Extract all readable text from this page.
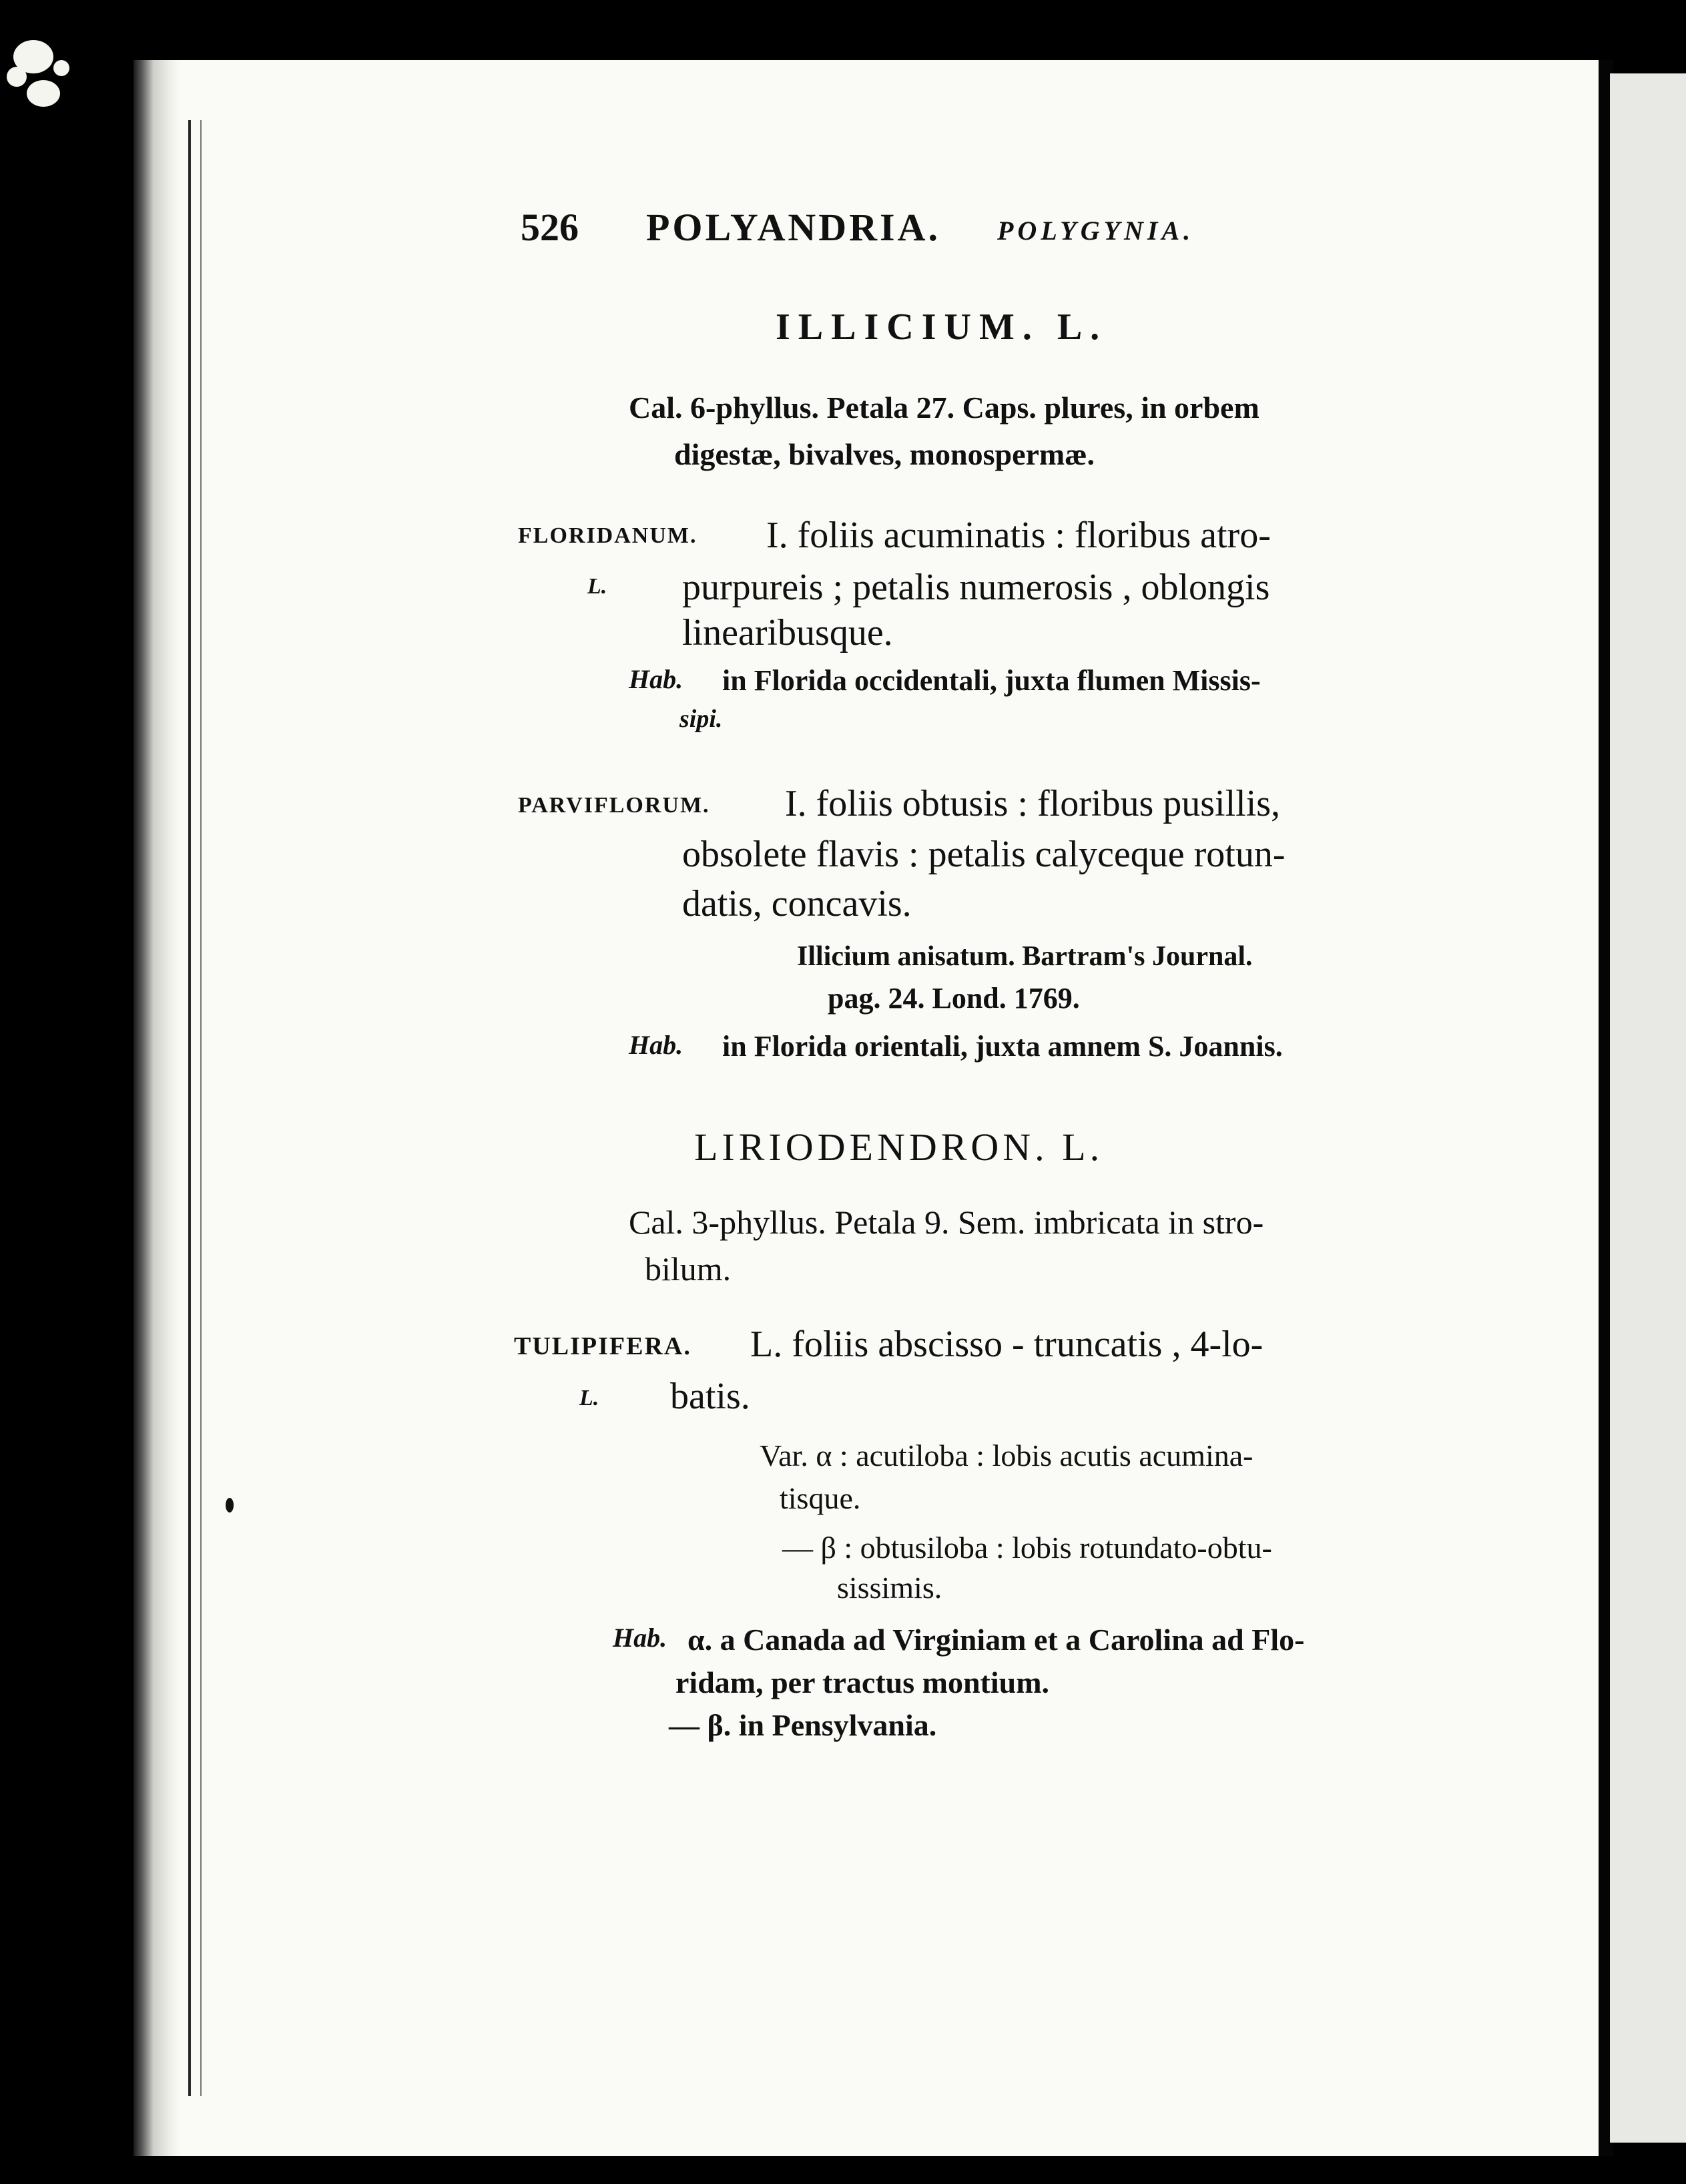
526 POLYANDRIA. POLYGYNIA.
ILLICIUM. L.
Cal. 6-phyllus. Petala 27. Caps. plures, in orbem
digestæ, bivalves, monospermæ.
FLORIDANUM.
L.
I. foliis acuminatis : floribus atro-
purpureis ; petalis numerosis , oblongis
linearibusque.
Hab. in Florida occidentali, juxta flumen Missis-
sipi.
PARVIFLORUM. I. foliis obtusis : floribus pusillis,
obsolete flavis : petalis calyceque rotun-
datis, concavis.
Illicium anisatum. Bartram's Journal.
pag. 24. Lond. 1769.
Hab. in Florida orientali, juxta amnem S. Joannis.
LIRIODENDRON. L.
Cal. 3-phyllus. Petala 9. Sem. imbricata in stro-
bilum.
TULIPIFERA.
L.
L. foliis abscisso - truncatis , 4-lo-
batis.
Var. α : acutiloba : lobis acutis acumina-
tisque.
— β : obtusiloba : lobis rotundato-obtu-
sissimis.
Hab. α. a Canada ad Virginiam et a Carolina ad Flo-
ridam, per tractus montium.
— β. in Pensylvania.
